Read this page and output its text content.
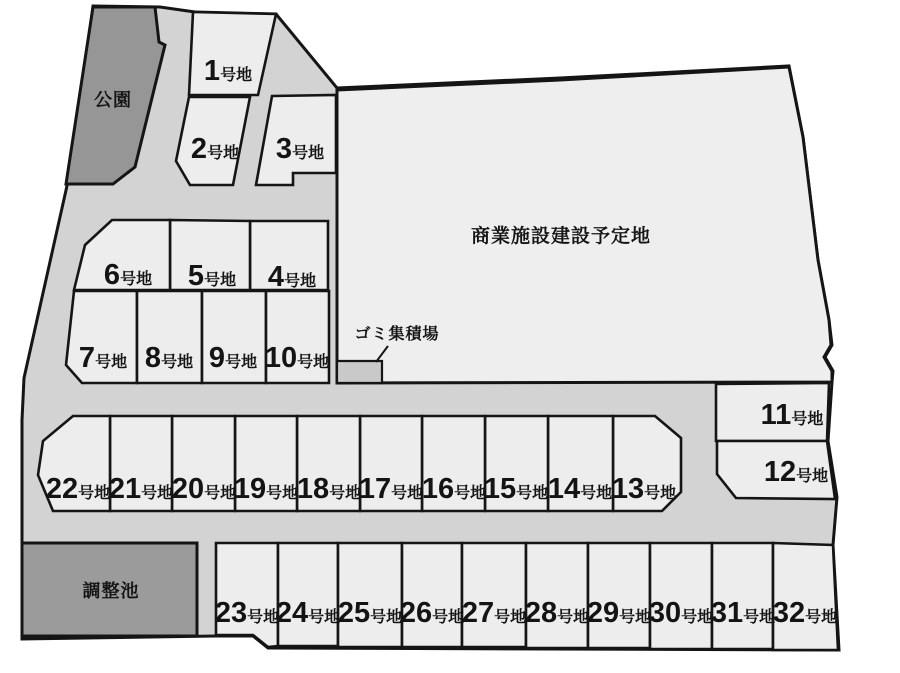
公園
商業施設建設予定地
ゴミ集積場
調整池
1号地
2号地 3号地
4号地
5号地
6号地
7号地 8号地 9号地 10号地
11号地
12号地
13号地
14号地
15号地
16号地
17号地
18号地
19号地
20号地
21号地
22号地
23号地
24号地
25号地
26号地
27号地
28号地
29号地
30号地
31号地
32号地
